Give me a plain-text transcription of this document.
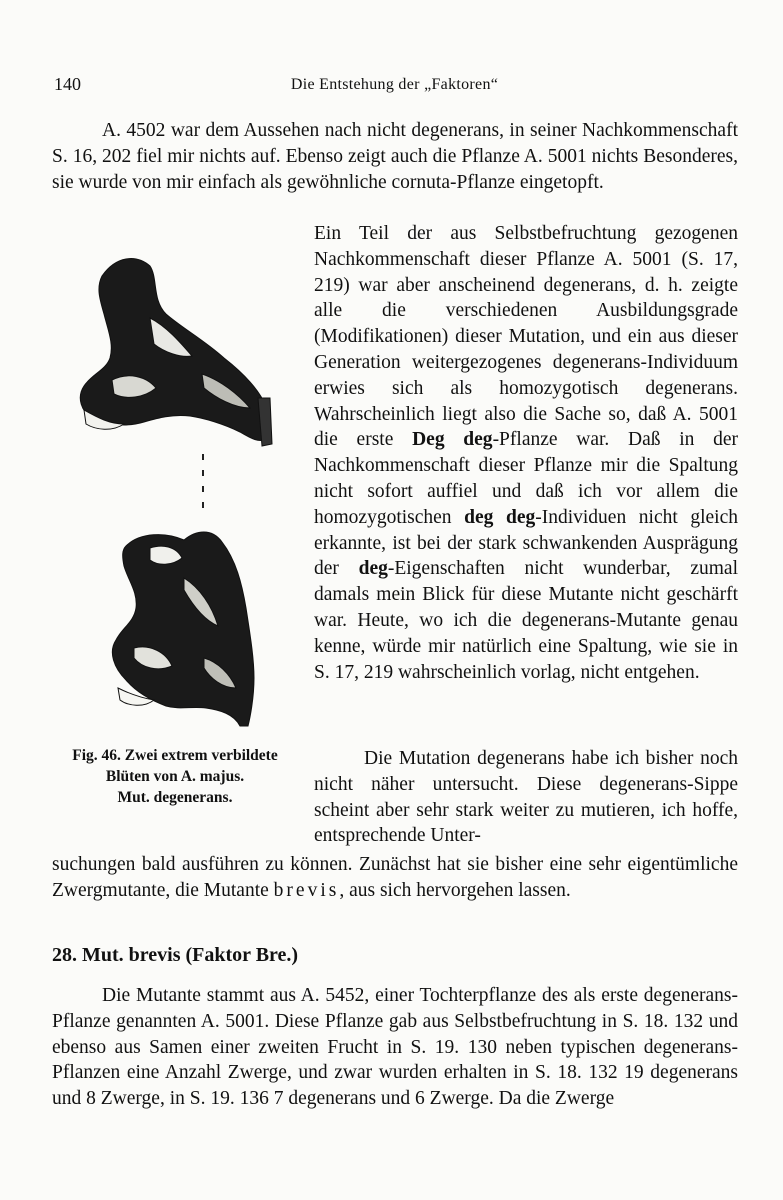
140	Die Entstehung der „Faktoren“

A. 4502 war dem Aussehen nach nicht degenerans, in seiner Nachkommenschaft S. 16, 202 fiel mir nichts auf. Ebenso zeigt auch die Pflanze A. 5001 nichts Besonderes, sie wurde von mir einfach als gewöhnliche cornuta-Pflanze eingetopft.

Fig. 46. Zwei extrem verbildete
Blüten von A. majus.
Mut. degenerans.

Ein Teil der aus Selbstbefruchtung gezogenen Nachkommenschaft dieser Pflanze A. 5001 (S. 17, 219) war aber anscheinend degenerans, d. h. zeigte alle die verschiedenen Ausbildungsgrade (Modifikationen) dieser Mutation, und ein aus dieser Generation weitergezogenes degenerans-Individuum erwies sich als homozygotisch degenerans. Wahrscheinlich liegt also die Sache so, daß A. 5001 die erste Deg deg-Pflanze war. Daß in der Nachkommenschaft dieser Pflanze mir die Spaltung nicht sofort auffiel und daß ich vor allem die homozygotischen deg deg-Individuen nicht gleich erkannte, ist bei der stark schwankenden Ausprägung der deg-Eigenschaften nicht wunderbar, zumal damals mein Blick für diese Mutante nicht geschärft war. Heute, wo ich die degenerans-Mutante genau kenne, würde mir natürlich eine Spaltung, wie sie in S. 17, 219 wahrscheinlich vorlag, nicht entgehen.

Die Mutation degenerans habe ich bisher noch nicht näher untersucht. Diese degenerans-Sippe scheint aber sehr stark weiter zu mutieren, ich hoffe, entsprechende Unter-

suchungen bald ausführen zu können. Zunächst hat sie bisher eine sehr eigentümliche Zwergmutante, die Mutante brevis, aus sich hervorgehen lassen.

28. Mut. brevis (Faktor Bre.)

Die Mutante stammt aus A. 5452, einer Tochterpflanze des als erste degenerans-Pflanze genannten A. 5001. Diese Pflanze gab aus Selbstbefruchtung in S. 18. 132 und ebenso aus Samen einer zweiten Frucht in S. 19. 130 neben typischen degenerans-Pflanzen eine Anzahl Zwerge, und zwar wurden erhalten in S. 18. 132 19 degenerans und 8 Zwerge, in S. 19. 136 7 degenerans und 6 Zwerge. Da die Zwerge
